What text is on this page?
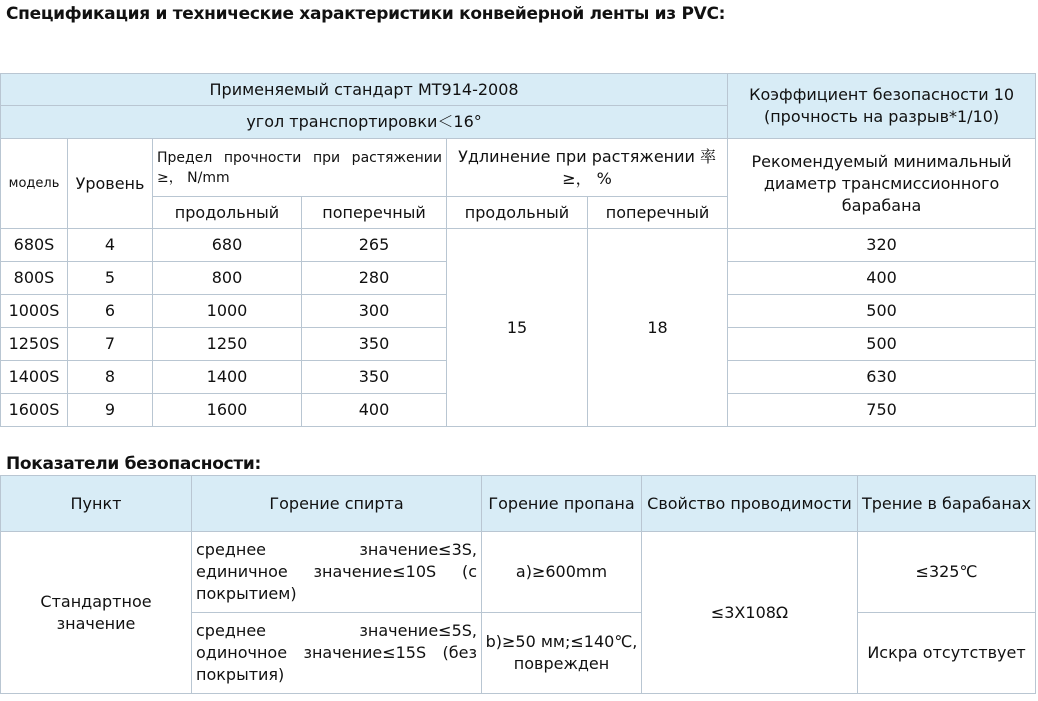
Спецификация и технические характеристики конвейерной ленты из PVC:
Применяемый стандарт MT914-2008						Коэффициент безопасности 10 (прочность на разрыв*1/10)
угол транспортировки＜16°						
модель	Уровень	Предел прочности при растяжении ≥， N/mm		Удлинение при растяжении 率≥， %		Рекомендуемый минимальный диаметр трансмиссионного барабана
		продольный	поперечный	продольный	поперечный	
680S	4	680	265	15	18	320
800S	5	800	280			400
1000S	6	1000	300			500
1250S	7	1250	350			500
1400S	8	1400	350			630
1600S	9	1600	400			750
Показатели безопасности:
Пункт	Горение спирта	Горение пропана	Свойство проводимости	Трение в барабанах
Стандартное значение	среднее значение≤3S, единичное значение≤10S (с покрытием)	a)≥600mm	≤3X108Ω	≤325℃
	среднее значение≤5S, одиночное значение≤15S (без покрытия)	b)≥50 мм;≤140℃, поврежден		Искра отсутствует
